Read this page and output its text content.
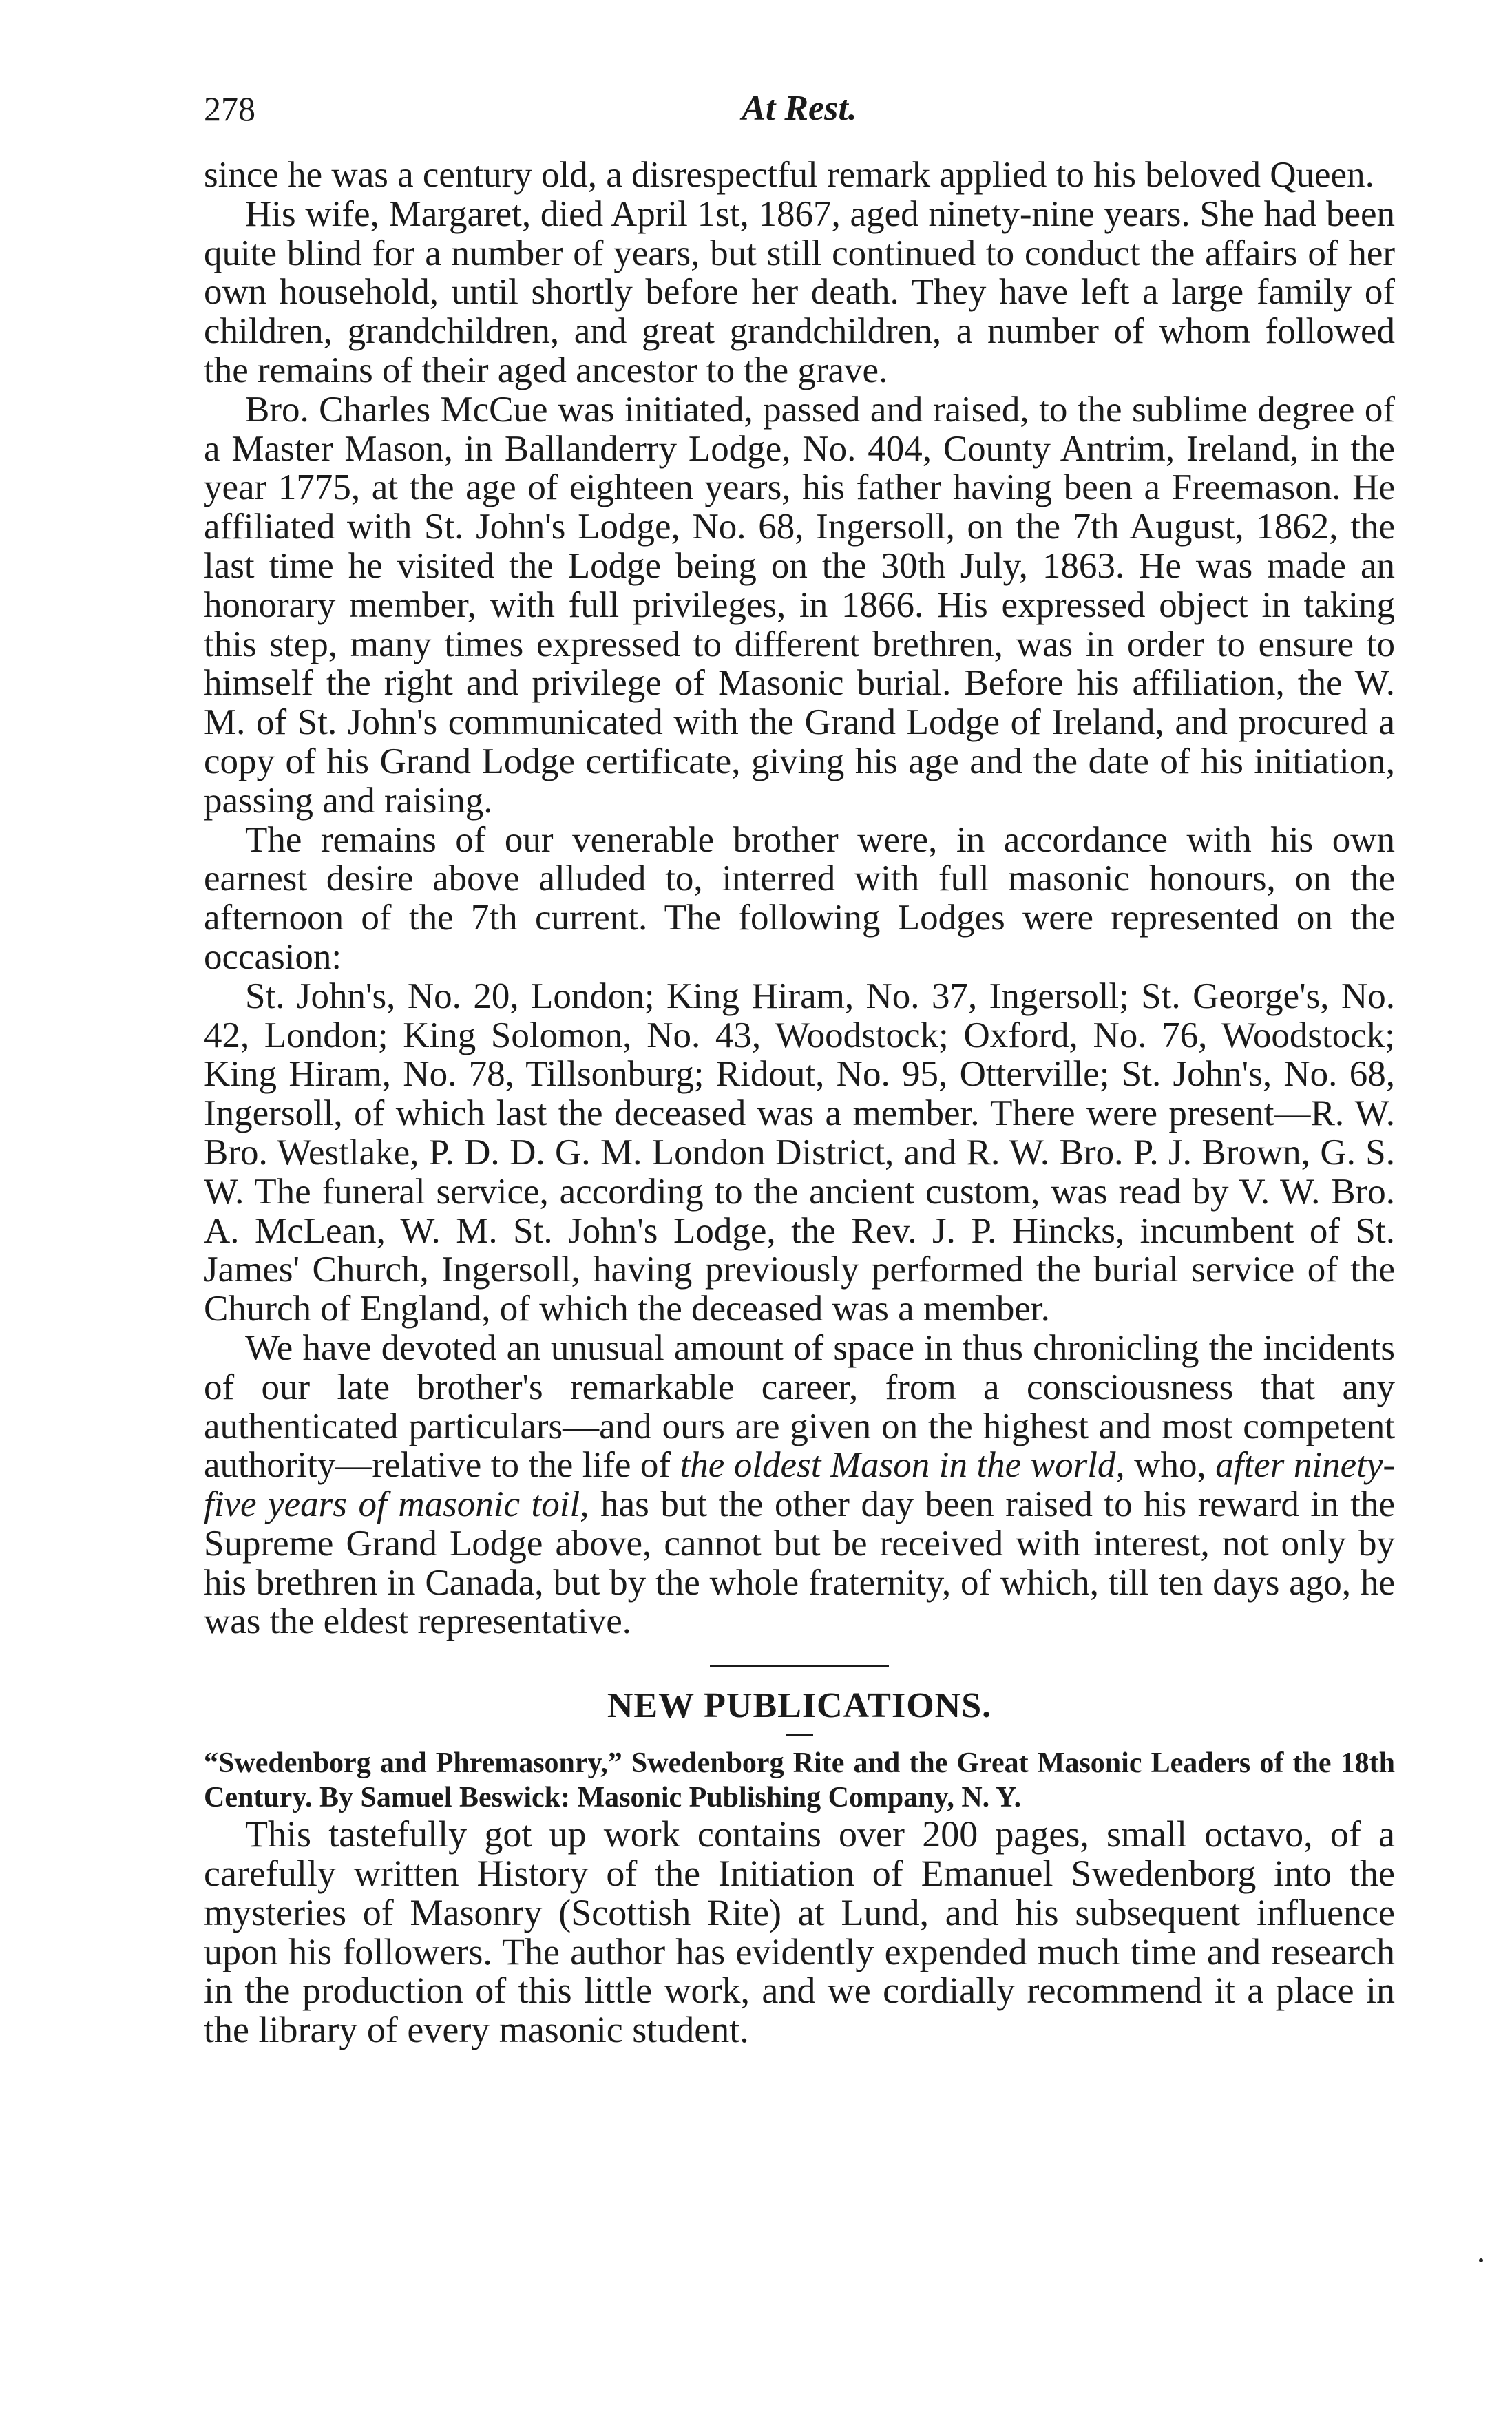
278	At Rest.

since he was a century old, a disrespectful remark applied to his beloved Queen.

His wife, Margaret, died April 1st, 1867, aged ninety-nine years. She had been quite blind for a number of years, but still continued to conduct the affairs of her own household, until shortly before her death. They have left a large family of children, grandchildren, and great grandchildren, a number of whom followed the remains of their aged ancestor to the grave.

Bro. Charles McCue was initiated, passed and raised, to the sublime degree of a Master Mason, in Ballanderry Lodge, No. 404, County Antrim, Ireland, in the year 1775, at the age of eighteen years, his father having been a Freemason. He affiliated with St. John's Lodge, No. 68, Ingersoll, on the 7th August, 1862, the last time he visited the Lodge being on the 30th July, 1863. He was made an honorary member, with full privileges, in 1866. His expressed object in taking this step, many times expressed to different brethren, was in order to ensure to himself the right and privilege of Masonic burial. Before his affiliation, the W. M. of St. John's communicated with the Grand Lodge of Ireland, and procured a copy of his Grand Lodge certificate, giving his age and the date of his initiation, passing and raising.

The remains of our venerable brother were, in accordance with his own earnest desire above alluded to, interred with full masonic honours, on the afternoon of the 7th current. The following Lodges were represented on the occasion:

St. John's, No. 20, London; King Hiram, No. 37, Ingersoll; St. George's, No. 42, London; King Solomon, No. 43, Woodstock; Oxford, No. 76, Woodstock; King Hiram, No. 78, Tillsonburg; Ridout, No. 95, Otterville; St. John's, No. 68, Ingersoll, of which last the deceased was a member. There were present—R. W. Bro. Westlake, P. D. D. G. M. London District, and R. W. Bro. P. J. Brown, G. S. W. The funeral service, according to the ancient custom, was read by V. W. Bro. A. McLean, W. M. St. John's Lodge, the Rev. J. P. Hincks, incumbent of St. James' Church, Ingersoll, having previously performed the burial service of the Church of England, of which the deceased was a member.

We have devoted an unusual amount of space in thus chronicling the incidents of our late brother's remarkable career, from a consciousness that any authenticated particulars—and ours are given on the highest and most competent authority—relative to the life of the oldest Mason in the world, who, after ninety-five years of masonic toil, has but the other day been raised to his reward in the Supreme Grand Lodge above, cannot but be received with interest, not only by his brethren in Canada, but by the whole fraternity, of which, till ten days ago, he was the eldest representative.

NEW PUBLICATIONS.

“Swedenborg and Phremasonry,” Swedenborg Rite and the Great Masonic Leaders of the 18th Century. By Samuel Beswick: Masonic Publishing Company, N. Y.

This tastefully got up work contains over 200 pages, small octavo, of a carefully written History of the Initiation of Emanuel Swedenborg into the mysteries of Masonry (Scottish Rite) at Lund, and his subsequent influence upon his followers. The author has evidently expended much time and research in the production of this little work, and we cordially recommend it a place in the library of every masonic student.
